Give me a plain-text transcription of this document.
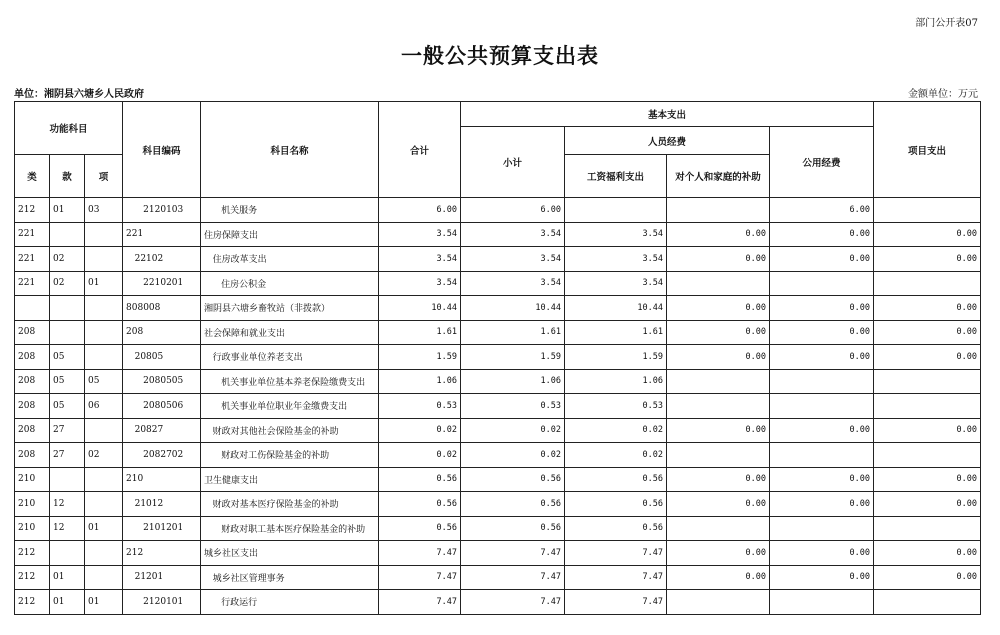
部门公开表07
一般公共预算支出表
单位：湘阴县六塘乡人民政府	金额单位：万元
功能科目			科目编码	科目名称	合计	基本支出				项目支出
						小计	人员经费		公用经费	
类	款	项					工资福利支出	对个人和家庭的补助		
212	01	03	2120103	机关服务	6.00	6.00			6.00	
221			221	住房保障支出	3.54	3.54	3.54	0.00	0.00	0.00
221	02		22102	住房改革支出	3.54	3.54	3.54	0.00	0.00	0.00
221	02	01	2210201	住房公积金	3.54	3.54	3.54			
			808008	湘阴县六塘乡畜牧站（非拨款）	10.44	10.44	10.44	0.00	0.00	0.00
208			208	社会保障和就业支出	1.61	1.61	1.61	0.00	0.00	0.00
208	05		20805	行政事业单位养老支出	1.59	1.59	1.59	0.00	0.00	0.00
208	05	05	2080505	机关事业单位基本养老保险缴费支出	1.06	1.06	1.06			
208	05	06	2080506	机关事业单位职业年金缴费支出	0.53	0.53	0.53			
208	27		20827	财政对其他社会保险基金的补助	0.02	0.02	0.02	0.00	0.00	0.00
208	27	02	2082702	财政对工伤保险基金的补助	0.02	0.02	0.02			
210			210	卫生健康支出	0.56	0.56	0.56	0.00	0.00	0.00
210	12		21012	财政对基本医疗保险基金的补助	0.56	0.56	0.56	0.00	0.00	0.00
210	12	01	2101201	财政对职工基本医疗保险基金的补助	0.56	0.56	0.56			
212			212	城乡社区支出	7.47	7.47	7.47	0.00	0.00	0.00
212	01		21201	城乡社区管理事务	7.47	7.47	7.47	0.00	0.00	0.00
212	01	01	2120101	行政运行	7.47	7.47	7.47			
